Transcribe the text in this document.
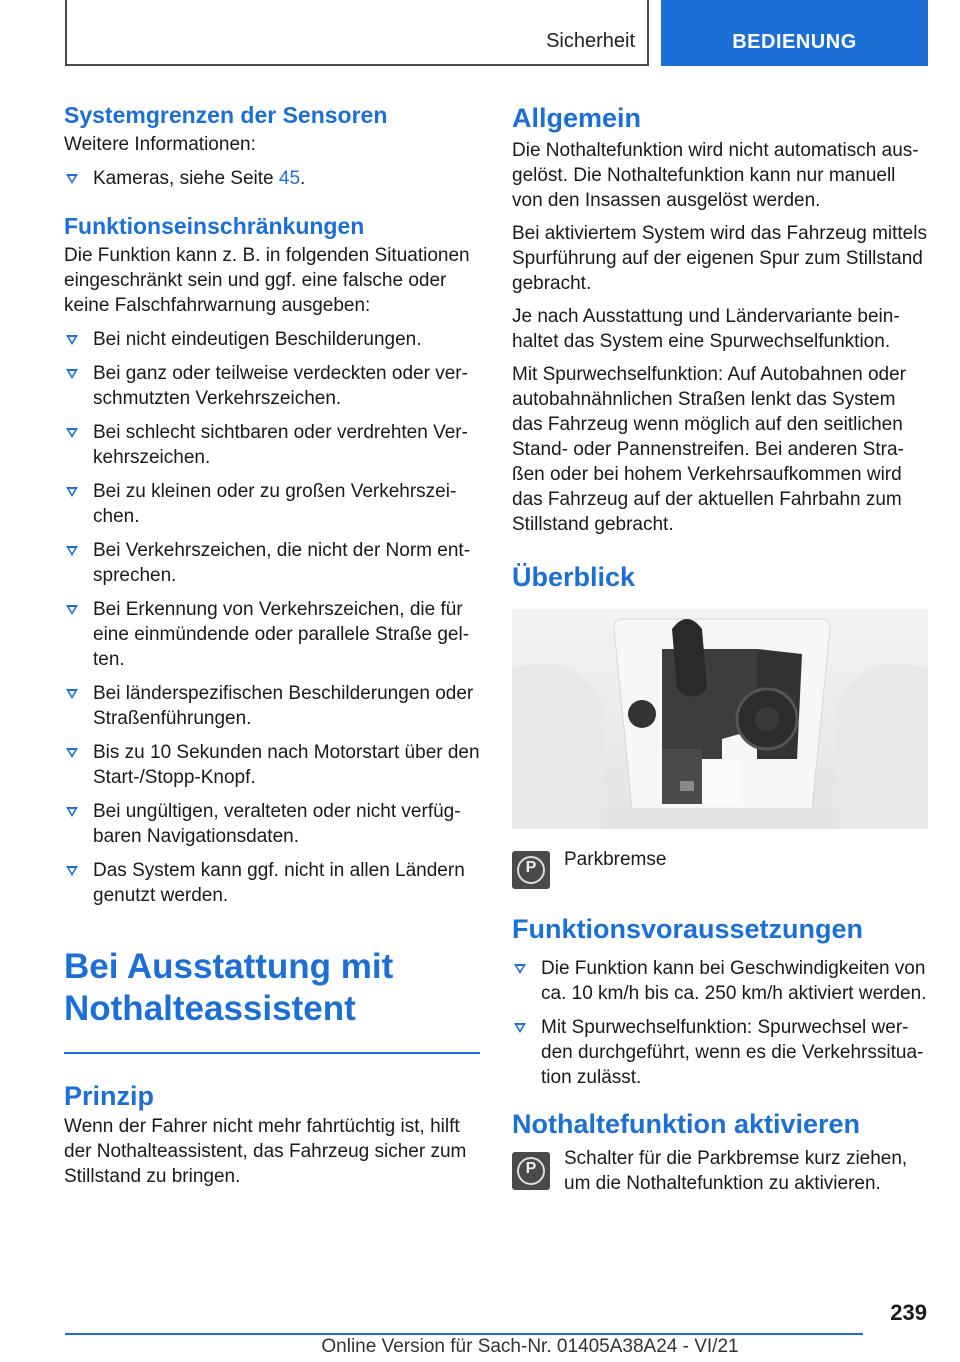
Sicherheit	BEDIENUNG
Systemgrenzen der Sensoren

Weitere Informationen:

Kameras, siehe Seite 45.
Funktionseinschränkungen

Die Funktion kann z. B. in folgenden Situationen eingeschränkt sein und ggf. eine falsche oder keine Falschfahrwarnung ausgeben:

Bei nicht eindeutigen Beschilderungen.
Bei ganz oder teilweise verdeckten oder verschmutzten Verkehrszeichen.
Bei schlecht sichtbaren oder verdrehten Verkehrszeichen.
Bei zu kleinen oder zu großen Verkehrszeichen.
Bei Verkehrszeichen, die nicht der Norm entsprechen.
Bei Erkennung von Verkehrszeichen, die für eine einmündende oder parallele Straße gelten.
Bei länderspezifischen Beschilderungen oder Straßenführungen.
Bis zu 10 Sekunden nach Motorstart über den Start-/Stopp-Knopf.
Bei ungültigen, veralteten oder nicht verfügbaren Navigationsdaten.
Das System kann ggf. nicht in allen Ländern genutzt werden.
Bei Ausstattung mit Nothalteassistent
Prinzip

Wenn der Fahrer nicht mehr fahrtüchtig ist, hilft der Nothalteassistent, das Fahrzeug sicher zum Stillstand zu bringen.

Allgemein

Die Nothaltefunktion wird nicht automatisch ausgelöst. Die Nothaltefunktion kann nur manuell von den Insassen ausgelöst werden.

Bei aktiviertem System wird das Fahrzeug mittels Spurführung auf der eigenen Spur zum Stillstand gebracht.

Je nach Ausstattung und Ländervariante beinhaltet das System eine Spurwechselfunktion.

Mit Spurwechselfunktion: Auf Autobahnen oder autobahnähnlichen Straßen lenkt das System das Fahrzeug wenn möglich auf den seitlichen Stand- oder Pannenstreifen. Bei anderen Straßen oder bei hohem Verkehrsaufkommen wird das Fahrzeug auf der aktuellen Fahrbahn zum Stillstand gebracht.

Überblick
P	Parkbremse

Funktionsvoraussetzungen
Die Funktion kann bei Geschwindigkeiten von ca. 10 km/h bis ca. 250 km/h aktiviert werden.
Mit Spurwechselfunktion: Spurwechsel werden durchgeführt, wenn es die Verkehrssituation zulässt.
Nothaltefunktion aktivieren
P	Schalter für die Parkbremse kurz ziehen, um die Nothaltefunktion zu aktivieren.

239
Online Version für Sach-Nr. 01405A38A24 - VI/21
